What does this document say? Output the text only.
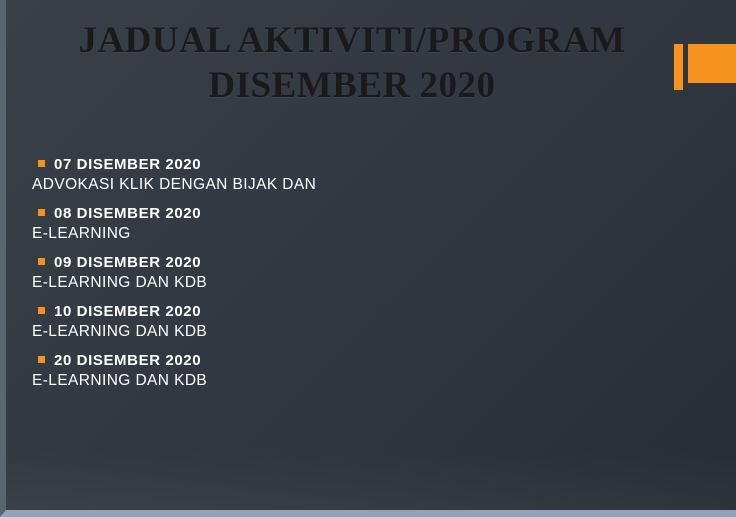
JADUAL AKTIVITI/PROGRAM
DISEMBER 2020
07 DISEMBER 2020
ADVOKASI KLIK DENGAN BIJAK DAN
08 DISEMBER 2020
E-LEARNING
09 DISEMBER 2020
E-LEARNING DAN KDB
10 DISEMBER 2020
E-LEARNING DAN KDB
20 DISEMBER 2020
E-LEARNING DAN KDB
